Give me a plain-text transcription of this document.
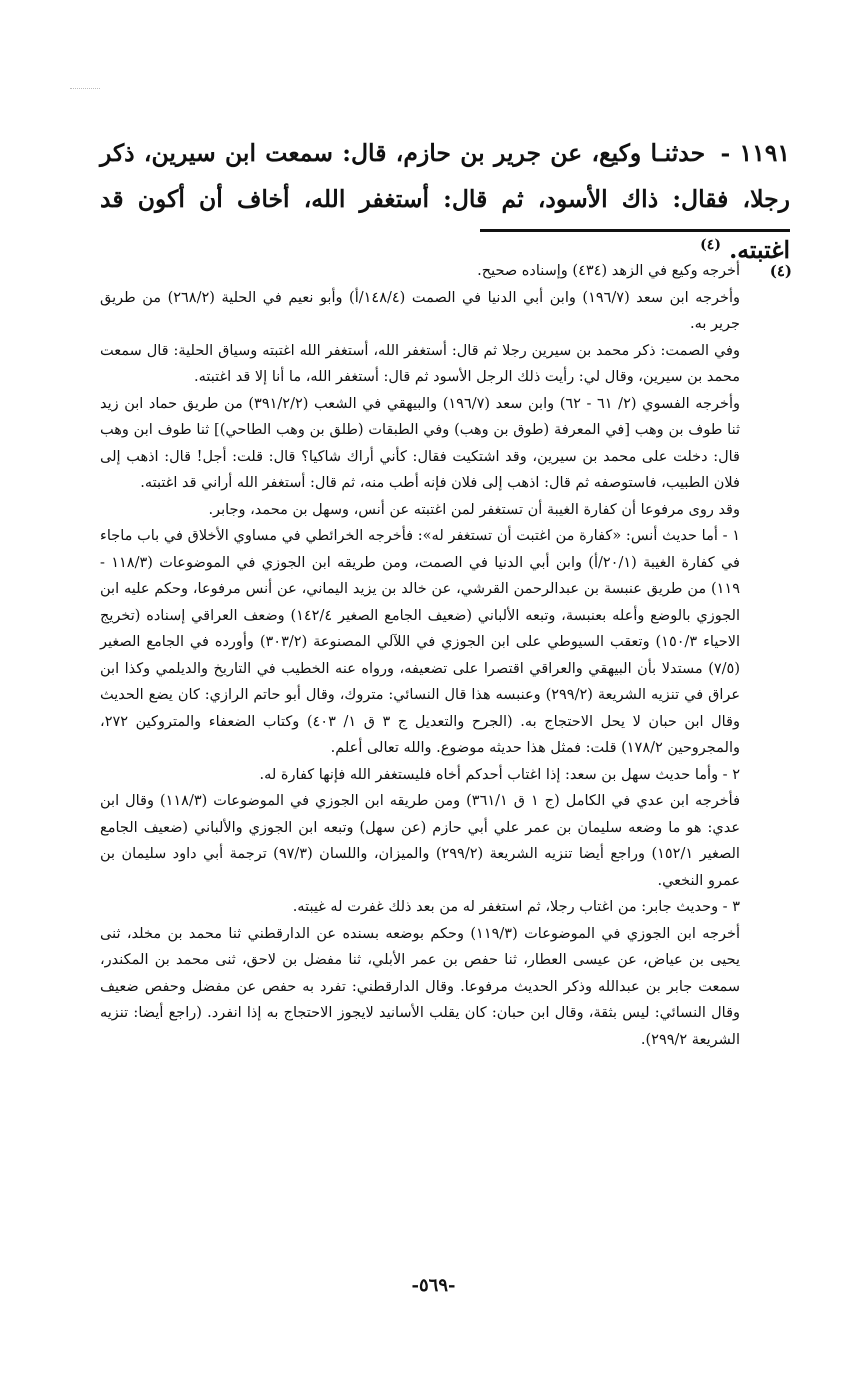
١١٩١ - حدثنـا وكيع، عن جرير بن حازم، قال: سمعت ابن سيرين، ذكر رجلا، فقال: ذاك الأسود، ثم قال: أستغفر الله، أخاف أن أكون قد اغتبته. $^{(٤)}$
(٤)

أخرجه وكيع في الزهد (٤٣٤) وإسناده صحيح.

وأخرجه ابن سعد (١٩٦/٧) وابن أبي الدنيا في الصمت (١٤٨/٤/أ) وأبو نعيم في الحلية (٢٦٨/٢) من طريق جرير به.

وفي الصمت: ذكر محمد بن سيرين رجلا ثم قال: أستغفر الله، أستغفر الله اغتبته وسياق الحلية: قال سمعت محمد بن سيرين، وقال لي: رأيت ذلك الرجل الأسود ثم قال: أستغفر الله، ما أنا إلا قد اغتبته.

وأخرجه الفسوي (٢/ ٦١ - ٦٢) وابن سعد (١٩٦/٧) والبيهقي في الشعب (٣٩١/٢/٢) من طريق حماد ابن زيد ثنا طوف بن وهب [في المعرفة (طوق بن وهب) وفي الطبقات (طلق بن وهب الطاحي)] ثنا طوف ابن وهب قال: دخلت على محمد بن سيرين، وقد اشتكيت فقال: كأني أراك شاكيا؟ قال: قلت: أجل! قال: اذهب إلى فلان الطبيب، فاستوصفه ثم قال: اذهب إلى فلان فإنه أطب منه، ثم قال: أستغفر الله أراني قد اغتبته.

وقد روى مرفوعا أن كفارة الغيبة أن تستغفر لمن اغتبته عن أنس، وسهل بن محمد، وجابر.

١ - أما حديث أنس: «كفارة من اغتبت أن تستغفر له»: فأخرجه الخرائطي في مساوي الأخلاق في باب ماجاء في كفارة الغيبة (٢٠/١/أ) وابن أبي الدنيا في الصمت، ومن طريقه ابن الجوزي في الموضوعات (١١٨/٣ - ١١٩) من طريق عنبسة بن عبدالرحمن القرشي، عن خالد بن يزيد اليماني، عن أنس مرفوعا، وحكم عليه ابن الجوزي بالوضع وأعله بعنبسة، وتبعه الألباني (ضعيف الجامع الصغير ١٤٢/٤) وضعف العراقي إسناده (تخريج الاحياء ١٥٠/٣) وتعقب السيوطي على ابن الجوزي في اللآلي المصنوعة (٣٠٣/٢) وأورده في الجامع الصغير (٧/٥) مستدلا بأن البيهقي والعراقي اقتصرا على تضعيفه، ورواه عنه الخطيب في التاريخ والديلمي وكذا ابن عراق في تنزيه الشريعة (٢٩٩/٢) وعنبسه هذا قال النسائي: متروك، وقال أبو حاتم الرازي: كان يضع الحديث وقال ابن حبان لا يحل الاحتجاج به. (الجرح والتعديل ج ٣ ق ١/ ٤٠٣) وكتاب الضعفاء والمتروكين ٢٧٢، والمجروحين ١٧٨/٢) قلت: فمثل هذا حديثه موضوع. والله تعالى أعلم.

٢ - وأما حديث سهل بن سعد: إذا اغتاب أحدكم أخاه فليستغفر الله فإنها كفارة له.

فأخرجه ابن عدي في الكامل (ج ١ ق ٣٦١/١) ومن طريقه ابن الجوزي في الموضوعات (١١٨/٣) وقال ابن عدي: هو ما وضعه سليمان بن عمر علي أبي حازم (عن سهل) وتبعه ابن الجوزي والألباني (ضعيف الجامع الصغير ١٥٢/١) وراجع أيضا تنزيه الشريعة (٢٩٩/٢) والميزان، واللسان (٩٧/٣) ترجمة أبي داود سليمان بن عمرو النخعي.

٣ - وحديث جابر: من اغتاب رجلا، ثم استغفر له من بعد ذلك غفرت له غيبته.

أخرجه ابن الجوزي في الموضوعات (١١٩/٣) وحكم بوضعه بسنده عن الدارقطني ثنا محمد بن مخلد، ثنى يحيى بن عياض، عن عيسى العطار، ثنا حفص بن عمر الأبلي، ثنا مفضل بن لاحق، ثنى محمد بن المكندر، سمعت جابر بن عبدالله وذكر الحديث مرفوعا. وقال الدارقطني: تفرد به حفص عن مفضل وحفص ضعيف وقال النسائي: ليس بثقة، وقال ابن حبان: كان يقلب الأسانيد لايجوز الاحتجاج به إذا انفرد. (راجع أيضا: تنزيه الشريعة ٢٩٩/٢).

-٥٦٩-
